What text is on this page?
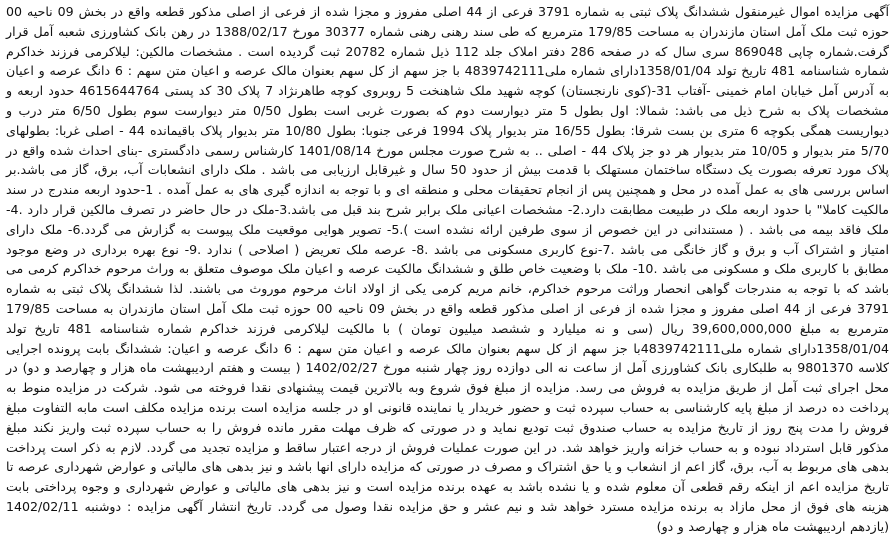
آگهی مزایده اموال غیرمنقول ششدانگ پلاک ثبتی به شماره 3791 فرعی از 44 اصلی مفروز و مجزا شده از فرعی از اصلی مذکور قطعه واقع در بخش 09 ناحیه 00 حوزه ثبت ملک آمل استان مازندران به مساحت 179/85 مترمربع که طی سند رهنی رهنی شماره 30377 مورخ 1388/02/17 در رهن بانک کشاورزی شعبه آمل قرار گرفت.شماره چاپی 869048 سری سال که در صفحه 286 دفتر املاک جلد 112 ذیل شماره 20782 ثبت گردیده است . مشخصات مالکین: لیلاکرمی فرزند خداکرم شماره شناسنامه 481 تاریخ تولد 1358/01/04دارای شماره ملی4839742111 با جز سهم از کل سهم بعنوان مالک عرصه و اعیان متن سهم : 6 دانگ عرصه و اعیان به آدرس آمل خیابان امام خمینی -آفتاب 31-(کوی نارنجستان) کوچه شهید ملک شاهنخت 5 روبروی کوچه طاهرنژاد 7 پلاک 30 کد پستی 4615644764 حدود اربعه و مشخصات پلاک به شرح ذیل می باشد: شمالا: اول بطول 5 متر دیوارست دوم که بصورت غربی است بطول 0/50 متر دیوارست سوم بطول 6/50 متر درب و دیواریست همگی بکوچه 6 متری بن بست شرقا: بطول 16/55 متر بدیوار پلاک 1994 فرعی جنوبا: بطول 10/80 متر بدیوار پلاک باقیمانده 44 - اصلی غربا: بطولهای 5/70 متر بدیوار و 10/05 متر بدیوار هر دو جز پلاک 44 - اصلی .. به شرح صورت مجلس مورخ 1401/08/14 کارشناس رسمی دادگستری -بنای احداث شده واقع در پلاک مورد تعرفه بصورت یک دستگاه ساختمان مستهلک با قدمت بیش از حدود 50 سال و غیرقابل ارزیابی می باشد . ملک دارای انشعابات آب، برق، گاز می باشد.بر اساس بررسی های به عمل آمده در محل و همچنین پس از انجام تحقیقات محلی و منطقه ای و با توجه به اندازه گیری های به عمل آمده . 1-حدود اربعه مندرج در سند مالکیت کاملا" با حدود اربعه ملک در طبیعت مطابقت دارد.2- مشخصات اعیانی ملک برابر شرح بند قبل می باشد.3-ملک در حال حاضر در تصرف مالکین قرار دارد .4- ملک فاقد بیمه می باشد . ( مستندانی در این خصوص از سوی طرفین ارائه نشده است ).5- تصویر هوایی موقعیت ملک پیوست به گزارش می گردد.6- ملک دارای امتیاز و اشتراک آب و برق و گاز خانگی می باشد .7-نوع کاربری مسکونی می باشد .8- عرصه ملک تعریض ( اصلاحی ) ندارد .9- نوع بهره برداری در وضع موجود مطابق با کاربری ملک و مسکونی می باشد .10- ملک با وضعیت خاص طلق و ششدانگ مالکیت عرصه و اعیان ملک موصوف متعلق به وراث مرحوم خداکرم کرمی می باشد که با توجه به مندرجات گواهی انحصار وراثت مرحوم خداکرم، خانم مریم کرمی یکی از اولاد اناث مرحوم موروث می باشند. لذا ششدانگ پلاک ثبتی به شماره 3791 فرعی از 44 اصلی مفروز و مجزا شده از فرعی از اصلی مذکور قطعه واقع در بخش 09 ناحیه 00 حوزه ثبت ملک آمل استان مازندران به مساحت 179/85 مترمربع به مبلغ 39,600,000,000 ریال (سی و نه میلیارد و ششصد میلیون تومان ) با مالکیت لیلاکرمی فرزند خداکرم شماره شناسنامه 481 تاریخ تولد 1358/01/04دارای شماره ملی4839742111با جز سهم از کل سهم بعنوان مالک عرصه و اعیان متن سهم : 6 دانگ عرصه و اعیان: ششدانگ بابت پرونده اجرایی کلاسه 9801370 به طلبکاری بانک کشاورزی آمل از ساعت نه الی دوازده روز چهار شنبه مورخ 1402/02/27 ( بیست و هفتم اردیبهشت ماه هزار و چهارصد و دو) در محل اجرای ثبت آمل از طریق مزایده به فروش می رسد. مزایده از مبلغ فوق شروع وبه بالاترین قیمت پیشنهادی نقدا فروخته می شود. شرکت در مزایده منوط به پرداخت ده درصد از مبلغ پایه کارشناسی به حساب سپرده ثبت و حضور خریدار یا نماینده قانونی او در جلسه مزایده است برنده مزایده مکلف است مابه التفاوت مبلغ فروش را مدت پنج روز از تاریخ مزایده به حساب صندوق ثبت تودیع نماید و در صورتی که ظرف مهلت مقرر مانده فروش را به حساب سپرده ثبت واریز نکند مبلغ مذکور قابل استرداد نبوده و به حساب خزانه واریز خواهد شد. در این صورت عملیات فروش از درجه اعتبار ساقط و مزایده تجدید می گردد. لازم به ذکر است پرداخت بدهی های مربوط به آب، برق، گاز اعم از انشعاب و یا حق اشتراک و مصرف در صورتی که مزایده دارای انها باشد و نیز بدهی های مالیاتی و عوارض شهرداری عرصه تا تاریخ مزایده اعم از اینکه رقم قطعی آن معلوم شده و یا نشده باشد به عهده برنده مزایده است و نیز بدهی های مالیاتی و عوارض شهرداری و وجوه پرداختی بابت هزینه های فوق از محل مازاد به برنده مزایده مسترد خواهد شد و نیم عشر و حق مزایده نقدا وصول می گردد. تاریخ انتشار آگهی مزایده : دوشنبه 1402/02/11 (یازدهم اردیبهشت ماه هزار و چهارصد و دو)
